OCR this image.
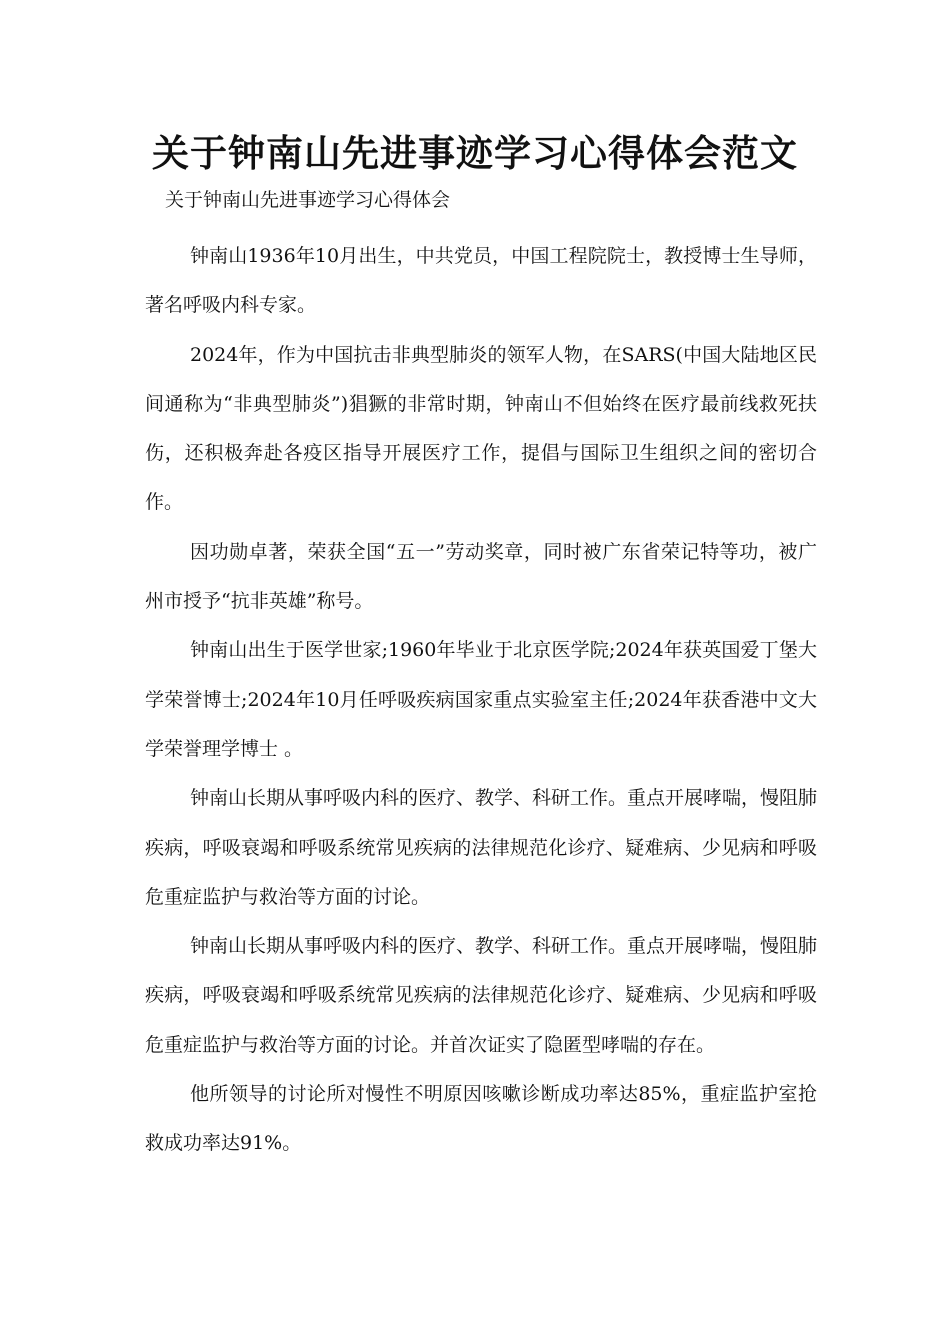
关于钟南山先进事迹学习心得体会范文

关于钟南山先进事迹学习心得体会

钟南山1936年10月出生，中共党员，中国工程院院士，教授博士生导师，著名呼吸内科专家。

2024年，作为中国抗击非典型肺炎的领军人物，在SARS(中国大陆地区民间通称为“非典型肺炎”)猖獗的非常时期，钟南山不但始终在医疗最前线救死扶伤，还积极奔赴各疫区指导开展医疗工作，提倡与国际卫生组织之间的密切合作。

因功勋卓著，荣获全国“五一”劳动奖章，同时被广东省荣记特等功，被广州市授予“抗非英雄”称号。

钟南山出生于医学世家;1960年毕业于北京医学院;2024年获英国爱丁堡大学荣誉博士;2024年10月任呼吸疾病国家重点实验室主任;2024年获香港中文大学荣誉理学博士 。

钟南山长期从事呼吸内科的医疗、教学、科研工作。重点开展哮喘，慢阻肺疾病，呼吸衰竭和呼吸系统常见疾病的法律规范化诊疗、疑难病、少见病和呼吸危重症监护与救治等方面的讨论。

钟南山长期从事呼吸内科的医疗、教学、科研工作。重点开展哮喘，慢阻肺疾病，呼吸衰竭和呼吸系统常见疾病的法律规范化诊疗、疑难病、少见病和呼吸危重症监护与救治等方面的讨论。并首次证实了隐匿型哮喘的存在。

他所领导的讨论所对慢性不明原因咳嗽诊断成功率达85%，重症监护室抢救成功率达91%。
